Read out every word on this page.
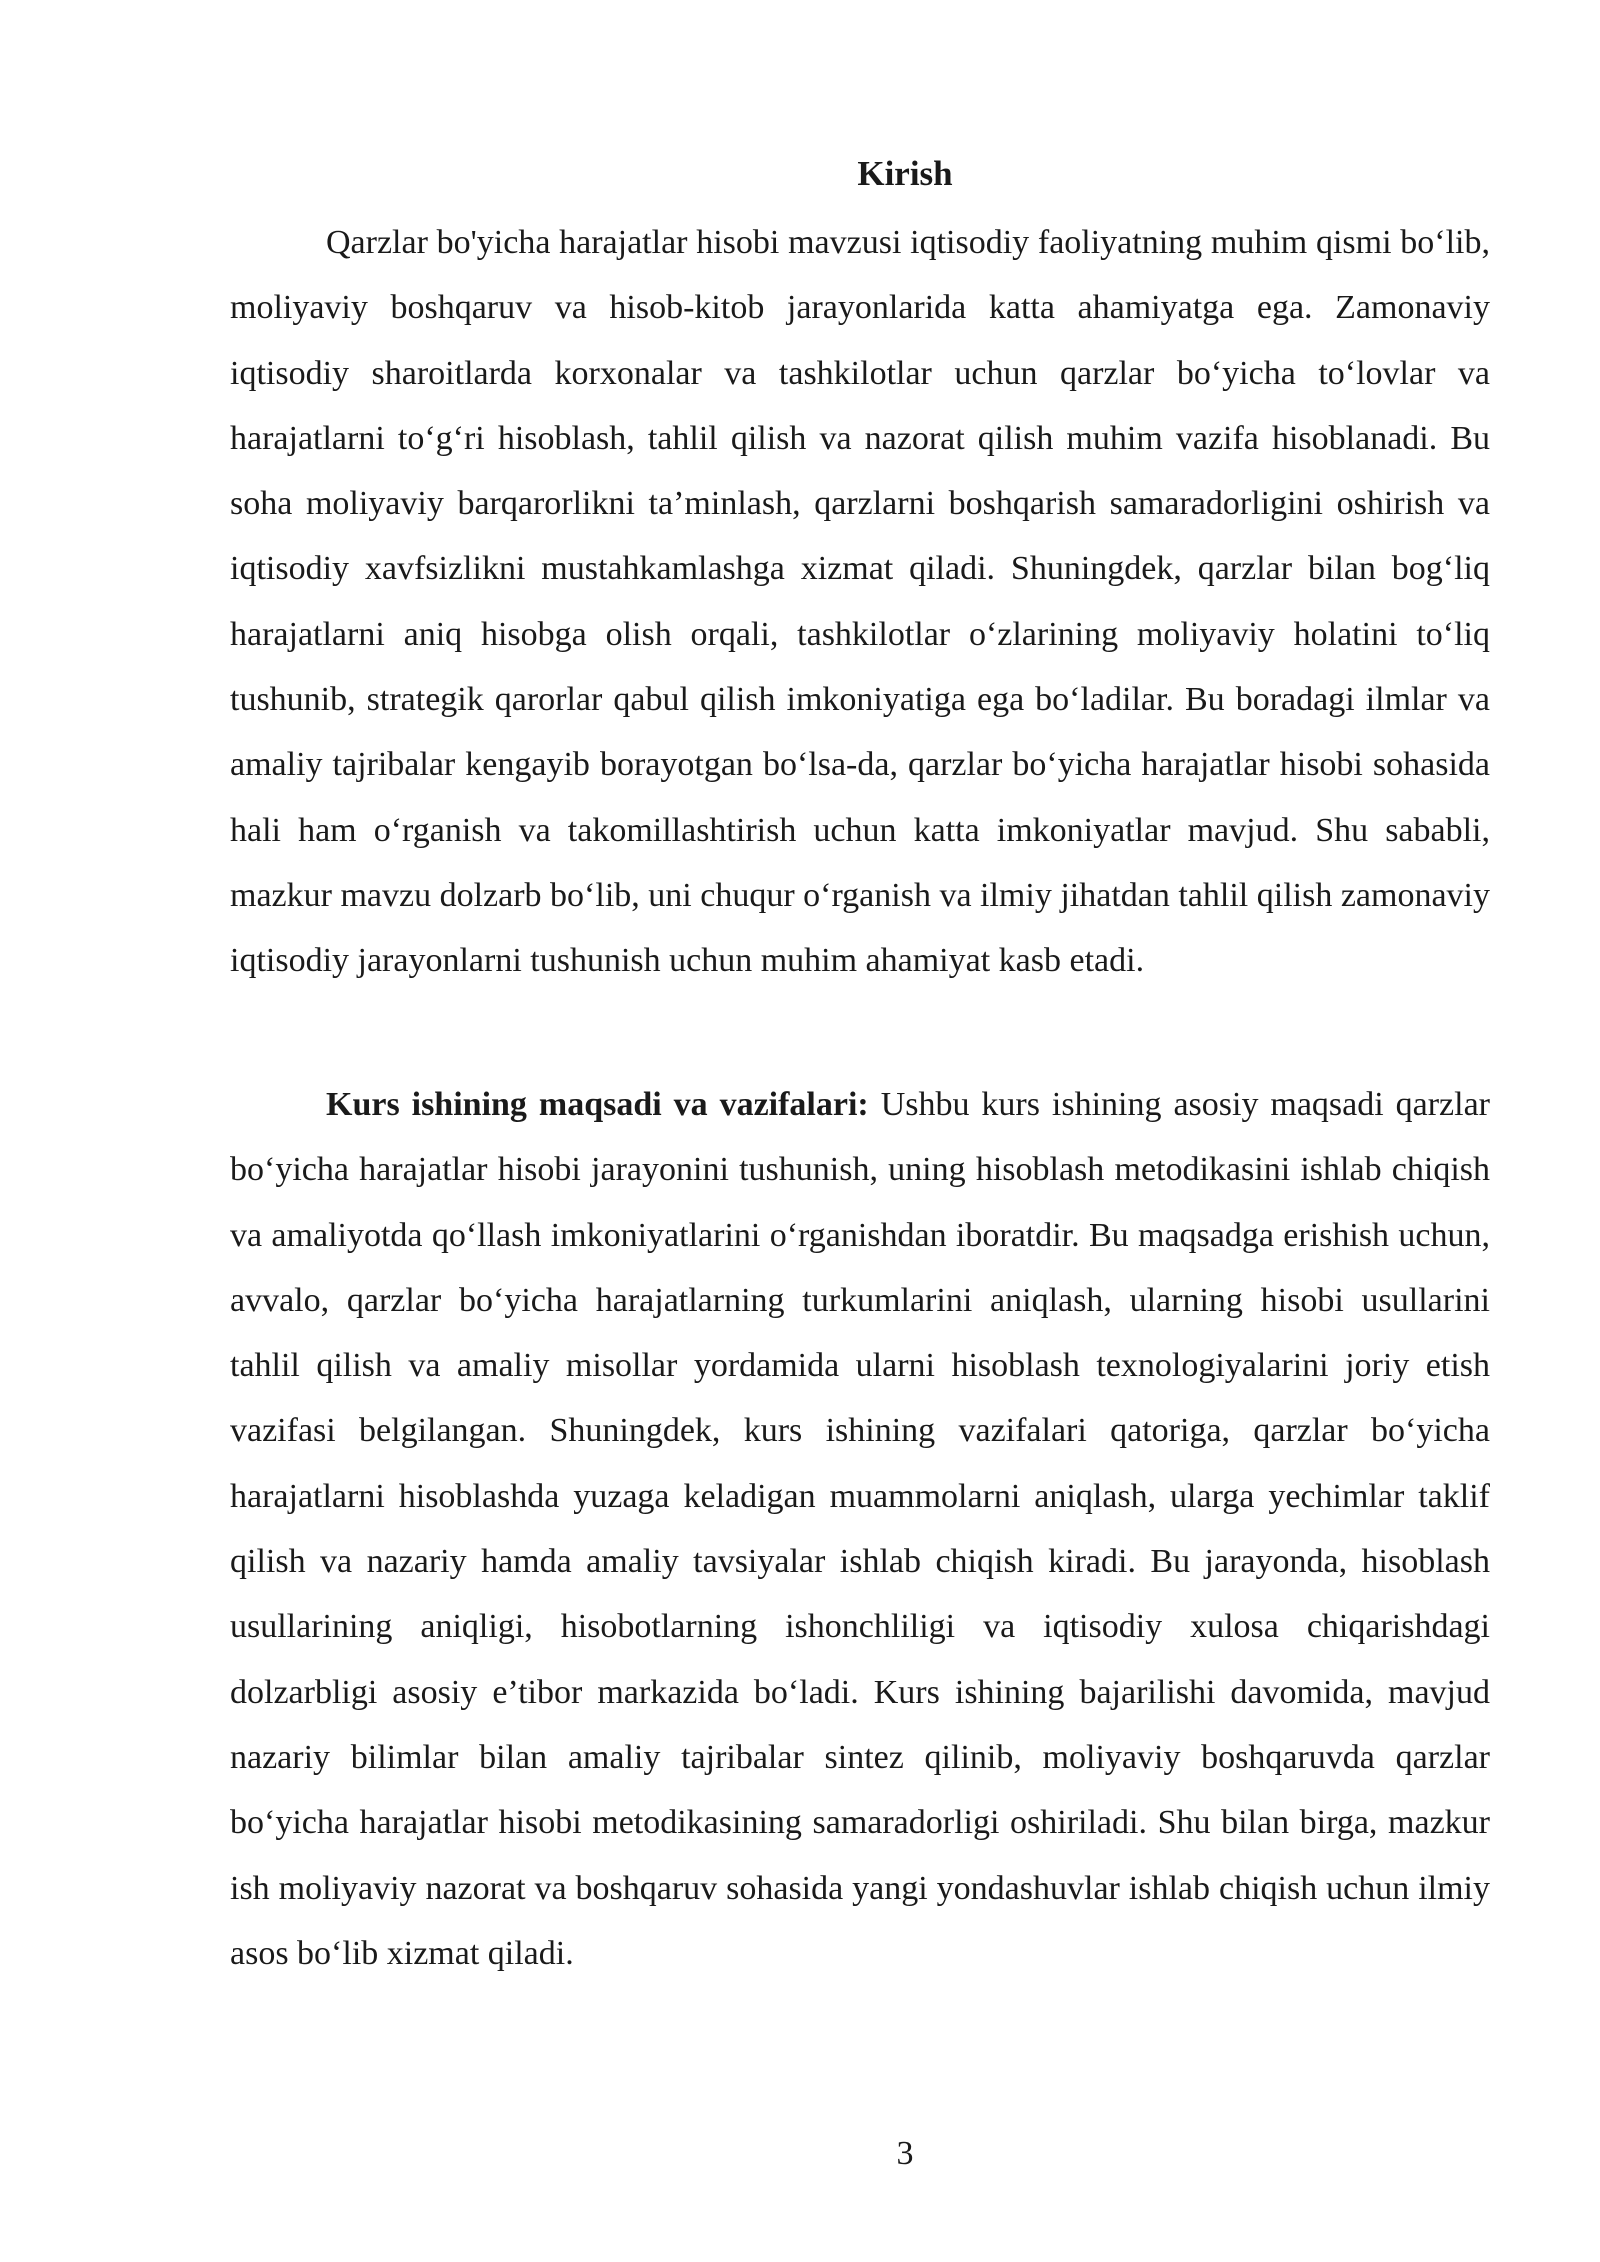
Kirish

Qarzlar bo'yicha harajatlar hisobi mavzusi iqtisodiy faoliyatning muhim qismi bo‘lib, moliyaviy boshqaruv va hisob-kitob jarayonlarida katta ahamiyatga ega. Zamonaviy iqtisodiy sharoitlarda korxonalar va tashkilotlar uchun qarzlar bo‘yicha to‘lovlar va harajatlarni to‘g‘ri hisoblash, tahlil qilish va nazorat qilish muhim vazifa hisoblanadi. Bu soha moliyaviy barqarorlikni ta’minlash, qarzlarni boshqarish samaradorligini oshirish va iqtisodiy xavfsizlikni mustahkamlashga xizmat qiladi. Shuningdek, qarzlar bilan bog‘liq harajatlarni aniq hisobga olish orqali, tashkilotlar o‘zlarining moliyaviy holatini to‘liq tushunib, strategik qarorlar qabul qilish imkoniyatiga ega bo‘ladilar. Bu boradagi ilmlar va amaliy tajribalar kengayib borayotgan bo‘lsa-da, qarzlar bo‘yicha harajatlar hisobi sohasida hali ham o‘rganish va takomillashtirish uchun katta imkoniyatlar mavjud. Shu sababli, mazkur mavzu dolzarb bo‘lib, uni chuqur o‘rganish va ilmiy jihatdan tahlil qilish zamonaviy iqtisodiy jarayonlarni tushunish uchun muhim ahamiyat kasb etadi.

Kurs ishining maqsadi va vazifalari: Ushbu kurs ishining asosiy maqsadi qarzlar bo‘yicha harajatlar hisobi jarayonini tushunish, uning hisoblash metodikasini ishlab chiqish va amaliyotda qo‘llash imkoniyatlarini o‘rganishdan iboratdir. Bu maqsadga erishish uchun, avvalo, qarzlar bo‘yicha harajatlarning turkumlarini aniqlash, ularning hisobi usullarini tahlil qilish va amaliy misollar yordamida ularni hisoblash texnologiyalarini joriy etish vazifasi belgilangan. Shuningdek, kurs ishining vazifalari qatoriga, qarzlar bo‘yicha harajatlarni hisoblashda yuzaga keladigan muammolarni aniqlash, ularga yechimlar taklif qilish va nazariy hamda amaliy tavsiyalar ishlab chiqish kiradi. Bu jarayonda, hisoblash usullarining aniqligi, hisobotlarning ishonchliligi va iqtisodiy xulosa chiqarishdagi dolzarbligi asosiy e’tibor markazida bo‘ladi. Kurs ishining bajarilishi davomida, mavjud nazariy bilimlar bilan amaliy tajribalar sintez qilinib, moliyaviy boshqaruvda qarzlar bo‘yicha harajatlar hisobi metodikasining samaradorligi oshiriladi. Shu bilan birga, mazkur ish moliyaviy nazorat va boshqaruv sohasida yangi yondashuvlar ishlab chiqish uchun ilmiy asos bo‘lib xizmat qiladi.

3
